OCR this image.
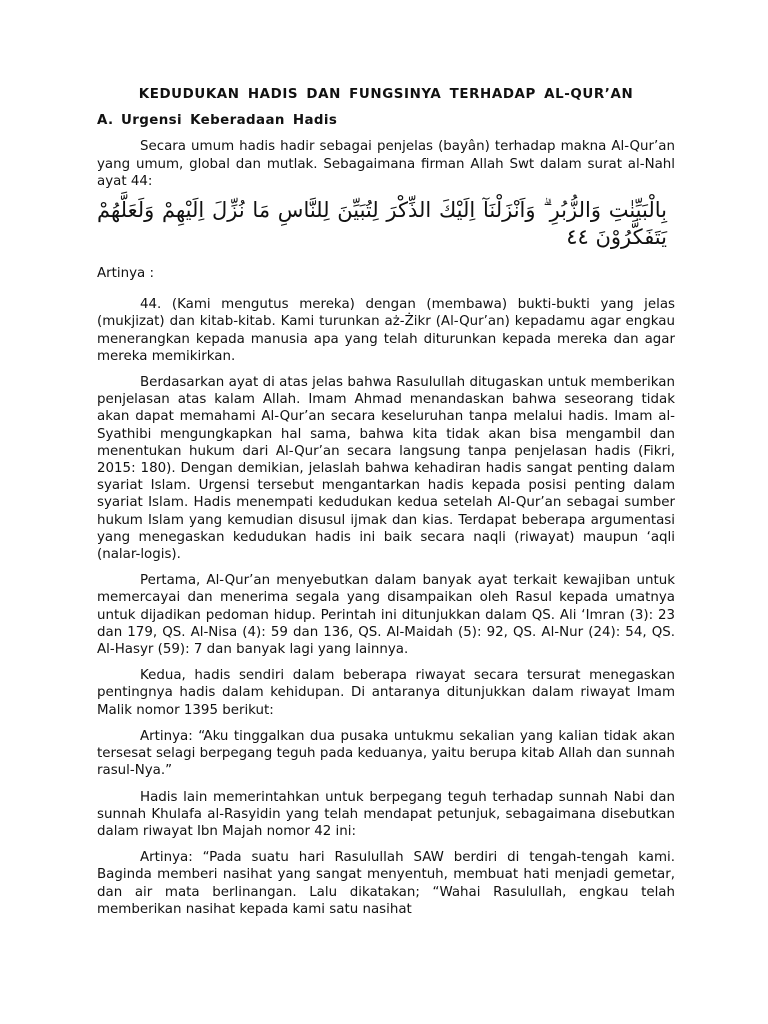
KEDUDUKAN HADIS DAN FUNGSINYA TERHADAP AL-QUR’AN
A. Urgensi Keberadaan Hadis

Secara umum hadis hadir sebagai penjelas (bayân) terhadap makna Al-Qur’an yang umum, global dan mutlak. Sebagaimana firman Allah Swt dalam surat al-Nahl ayat 44:

بِالْبَيِّنٰتِ وَالزُّبُرِ ۗ وَاَنْزَلْنَآ اِلَيْكَ الذِّكْرَ لِتُبَيِّنَ لِلنَّاسِ مَا نُزِّلَ اِلَيْهِمْ وَلَعَلَّهُمْ يَتَفَكَّرُوْنَ ٤٤

Artinya :

44. (Kami mengutus mereka) dengan (membawa) bukti-bukti yang jelas (mukjizat) dan kitab-kitab. Kami turunkan aż-Żikr (Al-Qur’an) kepadamu agar engkau menerangkan kepada manusia apa yang telah diturunkan kepada mereka dan agar mereka memikirkan.

Berdasarkan ayat di atas jelas bahwa Rasulullah ditugaskan untuk memberikan penjelasan atas kalam Allah. Imam Ahmad menandaskan bahwa seseorang tidak akan dapat memahami Al-Qur’an secara keseluruhan tanpa melalui hadis. Imam al-Syathibi mengungkapkan hal sama, bahwa kita tidak akan bisa mengambil dan menentukan hukum dari Al-Qur’an secara langsung tanpa penjelasan hadis (Fikri, 2015: 180). Dengan demikian, jelaslah bahwa kehadiran hadis sangat penting dalam syariat Islam. Urgensi tersebut mengantarkan hadis kepada posisi penting dalam syariat Islam. Hadis menempati kedudukan kedua setelah Al-Qur’an sebagai sumber hukum Islam yang kemudian disusul ijmak dan kias. Terdapat beberapa argumentasi yang menegaskan kedudukan hadis ini baik secara naqli (riwayat) maupun ‘aqli (nalar-logis).

Pertama, Al-Qur’an menyebutkan dalam banyak ayat terkait kewajiban untuk memercayai dan menerima segala yang disampaikan oleh Rasul kepada umatnya untuk dijadikan pedoman hidup. Perintah ini ditunjukkan dalam QS. Ali ‘Imran (3): 23 dan 179, QS. Al-Nisa (4): 59 dan 136, QS. Al-Maidah (5): 92, QS. Al-Nur (24): 54, QS. Al-Hasyr (59): 7 dan banyak lagi yang lainnya.

Kedua, hadis sendiri dalam beberapa riwayat secara tersurat menegaskan pentingnya hadis dalam kehidupan. Di antaranya ditunjukkan dalam riwayat Imam Malik nomor 1395 berikut:

Artinya: “Aku tinggalkan dua pusaka untukmu sekalian yang kalian tidak akan tersesat selagi berpegang teguh pada keduanya, yaitu berupa kitab Allah dan sunnah rasul-Nya.”

Hadis lain memerintahkan untuk berpegang teguh terhadap sunnah Nabi dan sunnah Khulafa al-Rasyidin yang telah mendapat petunjuk, sebagaimana disebutkan dalam riwayat Ibn Majah nomor 42 ini:

Artinya: “Pada suatu hari Rasulullah SAW berdiri di tengah-tengah kami. Baginda memberi nasihat yang sangat menyentuh, membuat hati menjadi gemetar, dan air mata berlinangan. Lalu dikatakan; “Wahai Rasulullah, engkau telah memberikan nasihat kepada kami satu nasihat
